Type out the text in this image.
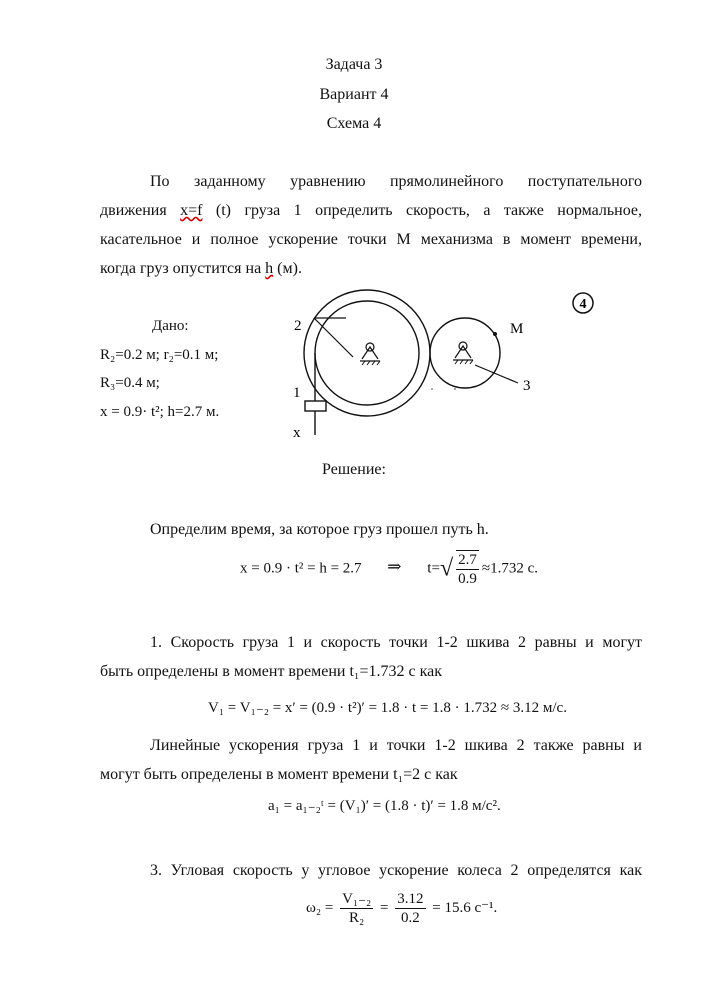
Задача 3
Вариант 4
Схема 4
По заданному уравнению прямолинейного поступательного
движения x=f (t) груза 1 определить скорость, а также нормальное,
касательное и полное ускорение точки М механизма в момент времени,
когда груз опустится на h (м).
Дано:
R₂=0.2 м; r₂=0.1 м;
R₃=0.4 м;
x = 0.9· t²; h=2.7 м.
4
M
2
3
1
x
Решение:
Определим время, за которое груз прошел путь h.
x = 0.9 · t² = h = 2.7 ⇒ $t=√ \frac{2.7}{0.9} \approx 1.732$ с.
1. Скорость груза 1 и скорость точки 1-2 шкива 2 равны и могут
быть определены в момент времени t₁=1.732 с как
V₁ = V₁₋₂ = x′ = (0.9 · t²)′ = 1.8 · t = 1.8 · 1.732 ≈ 3.12 м/с.
Линейные ускорения груза 1 и точки 1-2 шкива 2 также равны и
могут быть определены в момент времени t₁=2 с как
a₁ = a₁₋₂ᵗ = (V₁)′ = (1.8 · t)′ = 1.8 м/с².
3. Угловая скорость у угловое ускорение колеса 2 определятся как
$\omega_2 = \frac{\text{V₁₋₂}}{\text{R₂}} = \frac{3.12}{0.2} = 15.6$ с⁻¹.
